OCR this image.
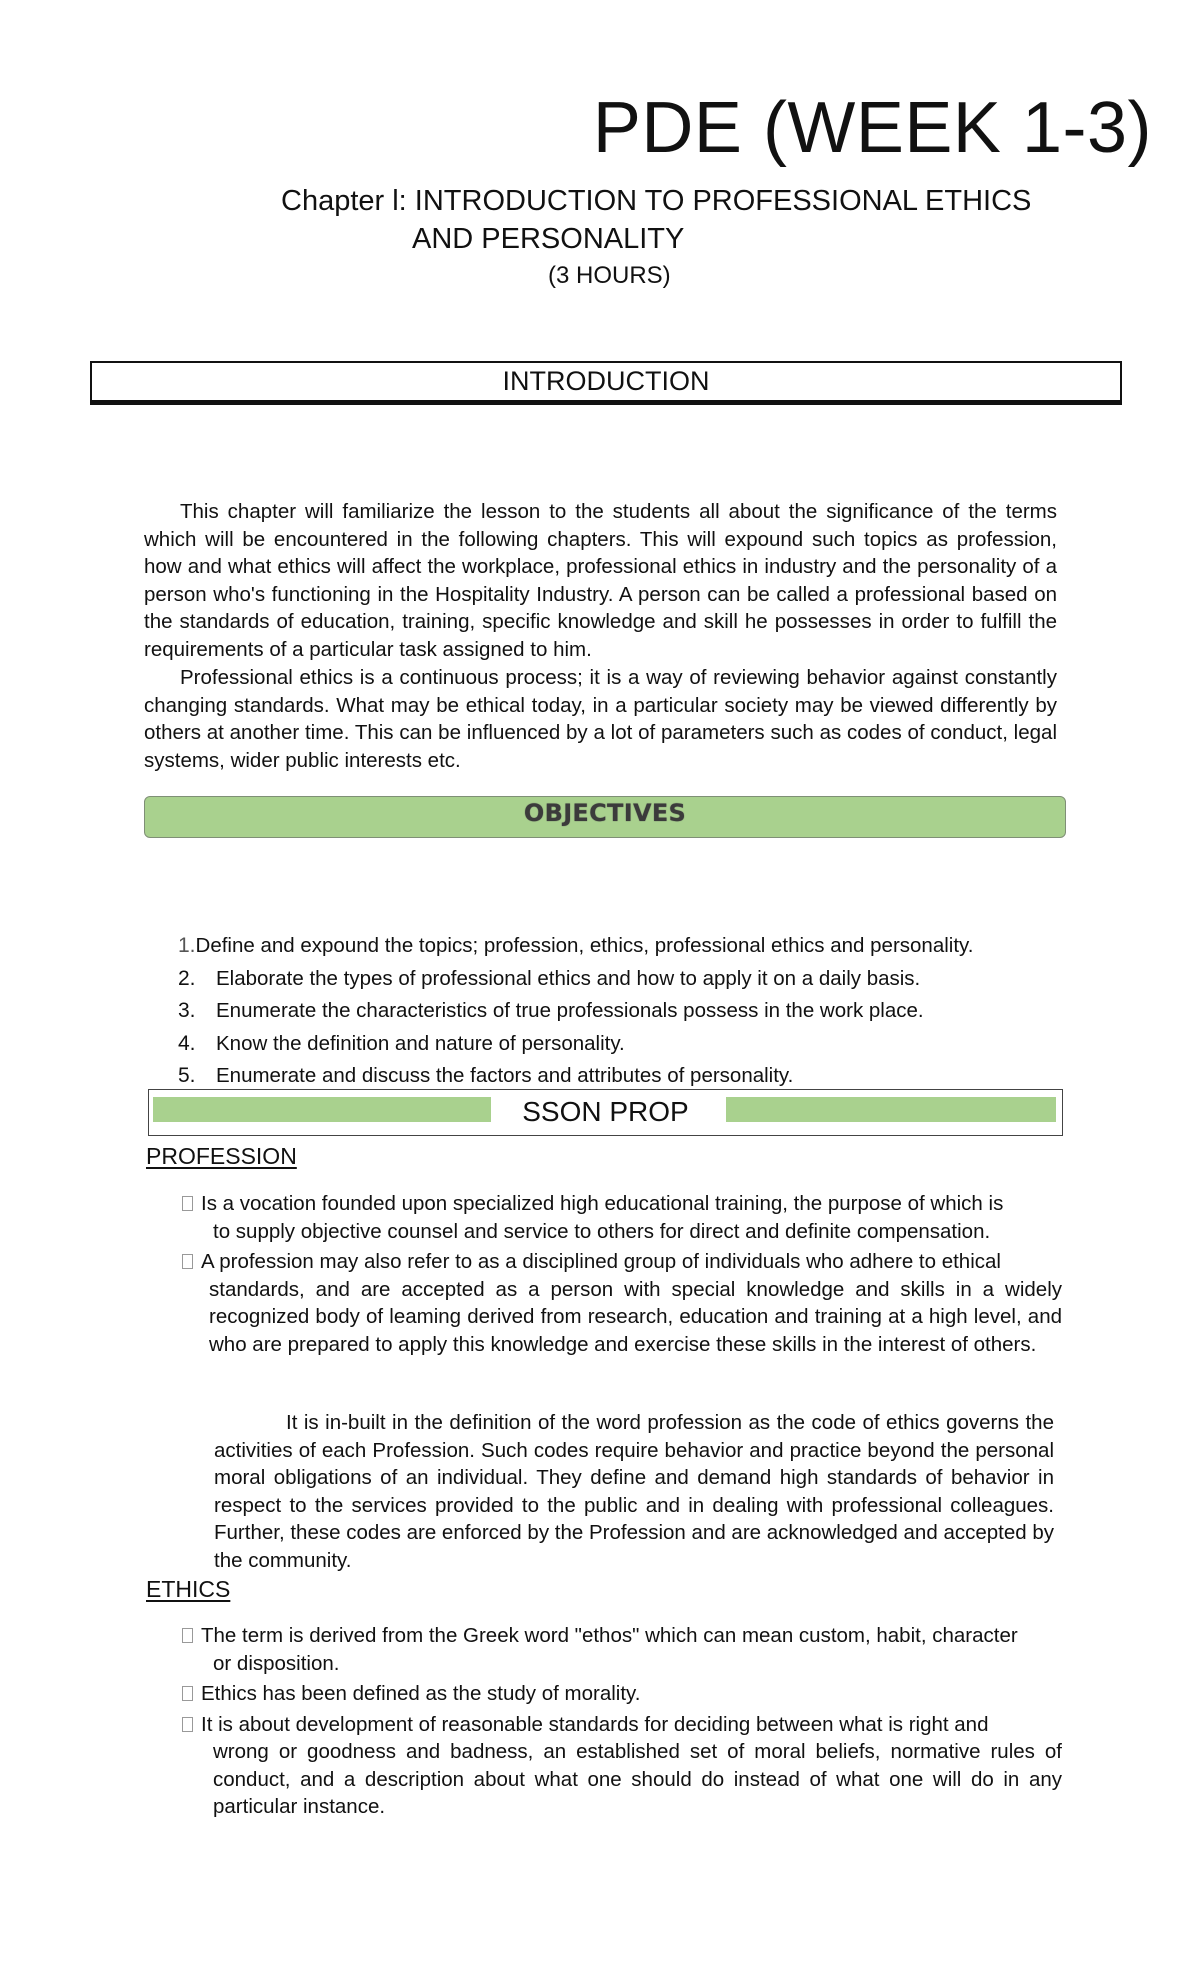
PDE (WEEK 1-3)
Chapter l: INTRODUCTION TO PROFESSIONAL ETHICS
AND PERSONALITY
(3 HOURS)
INTRODUCTION

This chapter will familiarize the lesson to the students all about the significance of the terms which will be encountered in the following chapters. This will expound such topics as profession, how and what ethics will affect the workplace, professional ethics in industry and the personality of a person who's functioning in the Hospitality Industry. A person can be called a professional based on the standards of education, training, specific knowledge and skill he possesses in order to fulfill the requirements of a particular task assigned to him.

Professional ethics is a continuous process; it is a way of reviewing behavior against constantly changing standards. What may be ethical today, in a particular society may be viewed differently by others at another time. This can be influenced by a lot of parameters such as codes of conduct, legal systems, wider public interests etc.

OBJECTIVES
1. Define and expound the topics; profession, ethics, professional ethics and personality.
2. Elaborate the types of professional ethics and how to apply it on a daily basis.
3. Enumerate the characteristics of true professionals possess in the work place.
4. Know the definition and nature of personality.
5. Enumerate and discuss the factors and attributes of personality.
SSON PROP
PROFESSION
Is a vocation founded upon specialized high educational training, the purpose of which is
to supply objective counsel and service to others for direct and definite compensation.
A profession may also refer to as a disciplined group of individuals who adhere to ethical
standards, and are accepted as a person with special knowledge and skills in a widely recognized body of leaming derived from research, education and training at a high level, and who are prepared to apply this knowledge and exercise these skills in the interest of others.
It is in-built in the definition of the word profession as the code of ethics governs the activities of each Profession. Such codes require behavior and practice beyond the personal moral obligations of an individual. They define and demand high standards of behavior in respect to the services provided to the public and in dealing with professional colleagues. Further, these codes are enforced by the Profession and are acknowledged and accepted by the community.
ETHICS
The term is derived from the Greek word "ethos" which can mean custom, habit, character
or disposition.
Ethics has been defined as the study of morality.
It is about development of reasonable standards for deciding between what is right and
wrong or goodness and badness, an established set of moral beliefs, normative rules of conduct, and a description about what one should do instead of what one will do in any particular instance.
